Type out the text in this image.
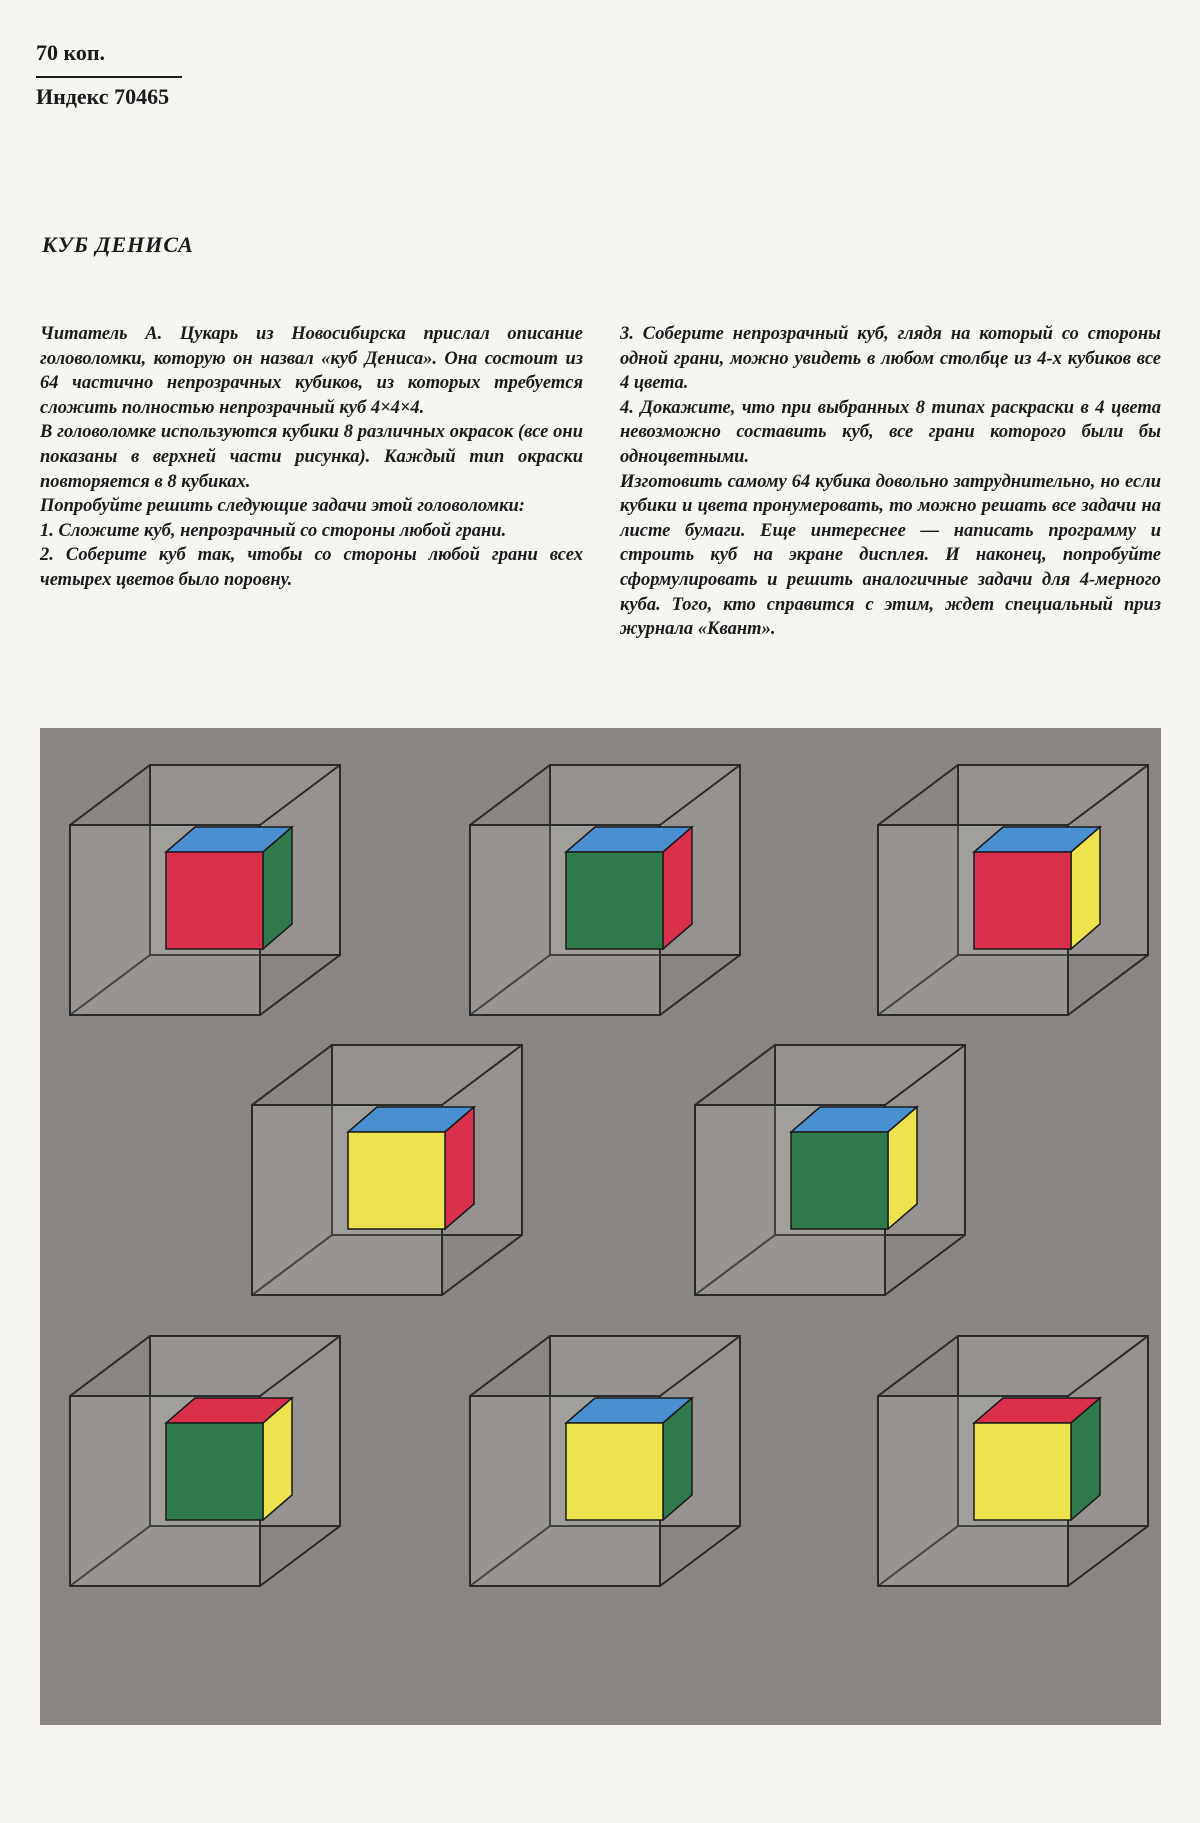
70 коп.
Индекс 70465
КУБ ДЕНИСА

Читатель А. Цукарь из Новосибирска прислал описание головоломки, которую он назвал «куб Дениса». Она состоит из 64 частично непрозрачных кубиков, из которых требуется сложить полностью непрозрачный куб 4×4×4.

В головоломке используются кубики 8 различных окрасок (все они показаны в верхней части рисунка). Каждый тип окраски повторяется в 8 кубиках.

Попробуйте решить следующие задачи этой головоломки:

1. Сложите куб, непрозрачный со стороны любой грани.

2. Соберите куб так, чтобы со стороны любой грани всех четырех цветов было поровну.

3. Соберите непрозрачный куб, глядя на который со стороны одной грани, можно увидеть в любом столбце из 4-х кубиков все 4 цвета.

4. Докажите, что при выбранных 8 типах раскраски в 4 цвета невозможно составить куб, все грани которого были бы одноцветными.

Изготовить самому 64 кубика довольно затруднительно, но если кубики и цвета пронумеровать, то можно решать все задачи на листе бумаги. Еще интереснее — написать программу и строить куб на экране дисплея. И наконец, попробуйте сформулировать и решить аналогичные задачи для 4-мерного куба. Того, кто справится с этим, ждет специальный приз журнала «Квант».
